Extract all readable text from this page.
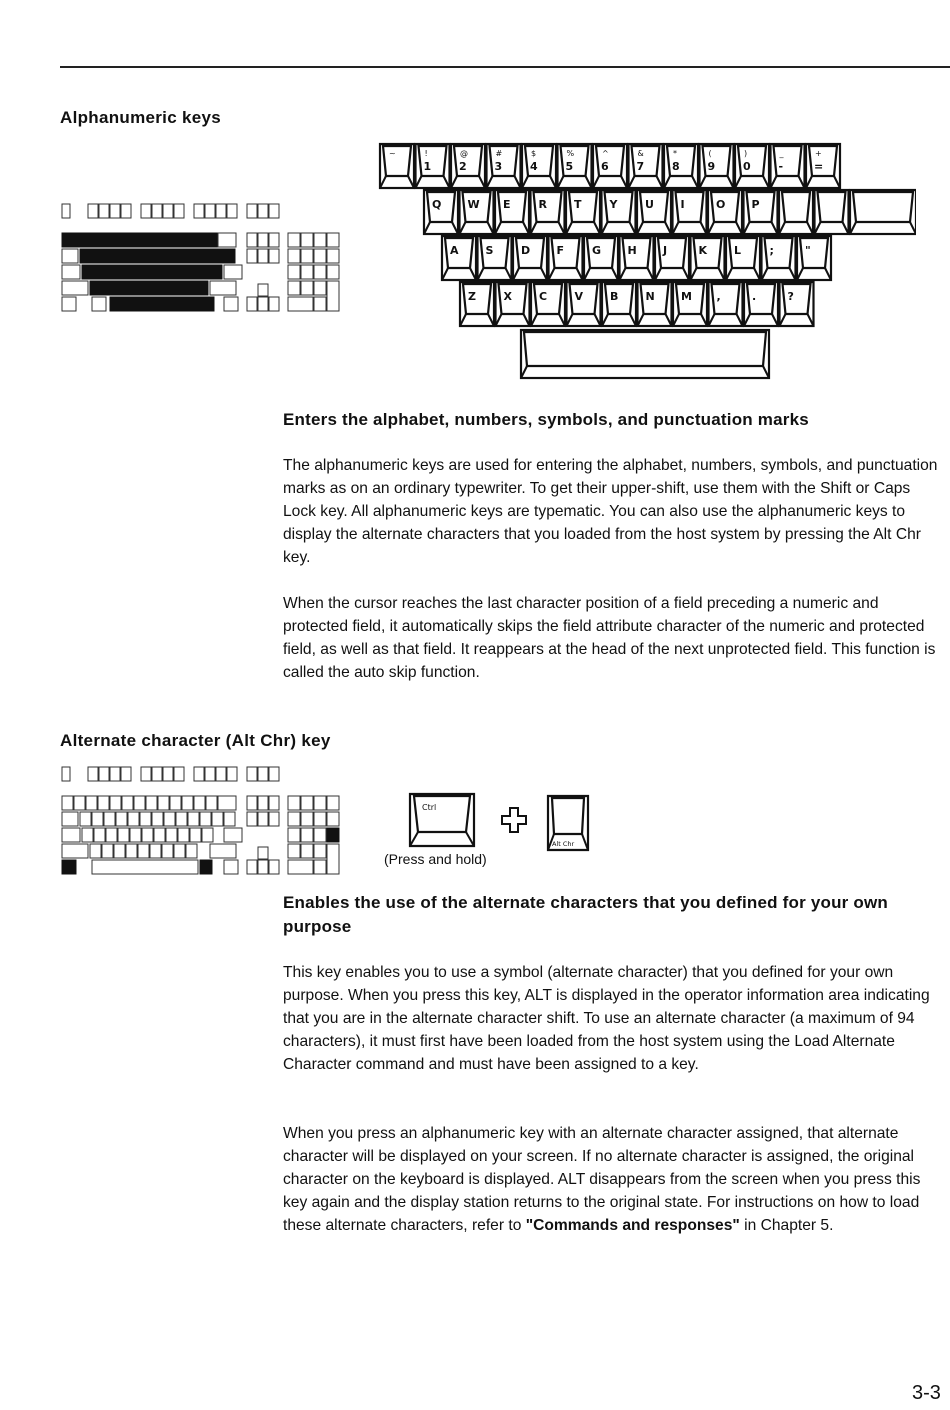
Alphanumeric keys
~	!
1
@
2
#
3
$
4
%
5
^
6
&
7
*
8
(
9
)
0
_
-
+
=
Q W E	R T	Y	U I	O P
A S	D F	G H J	K L	;	"
Z	X C V B N M ,	.	?
Enters the alphabet, numbers, symbols, and punctuation marks

The alphanumeric keys are used for entering the alphabet, numbers, symbols, and punctuation marks as on an ordinary typewriter. To get their upper-shift, use them with the Shift or Caps Lock key. All alphanumeric keys are typematic. You can also use the alphanumeric keys to display the alternate characters that you loaded from the host system by pressing the Alt Chr key.

When the cursor reaches the last character position of a field preceding a numeric and protected field, it automatically skips the field attribute character of the numeric and protected field, as well as that field. It reappears at the head of the next unprotected field. This function is called the auto skip function.

Alternate character (Alt Chr) key
Ctrl
Alt Chr
(Press and hold)
Enables the use of the alternate characters that you defined for your own purpose

This key enables you to use a symbol (alternate character) that you defined for your own purpose. When you press this key, ALT is displayed in the operator information area indicating that you are in the alternate character shift. To use an alternate character (a maximum of 94 characters), it must first have been loaded from the host system using the Load Alternate Character command and must have been assigned to a key.

When you press an alphanumeric key with an alternate character assigned, that alternate character will be displayed on your screen. If no alternate character is assigned, the original character on the keyboard is displayed. ALT disappears from the screen when you press this key again and the display station returns to the original state. For instructions on how to load these alternate characters, refer to "Commands and responses" in Chapter 5.

3-3
